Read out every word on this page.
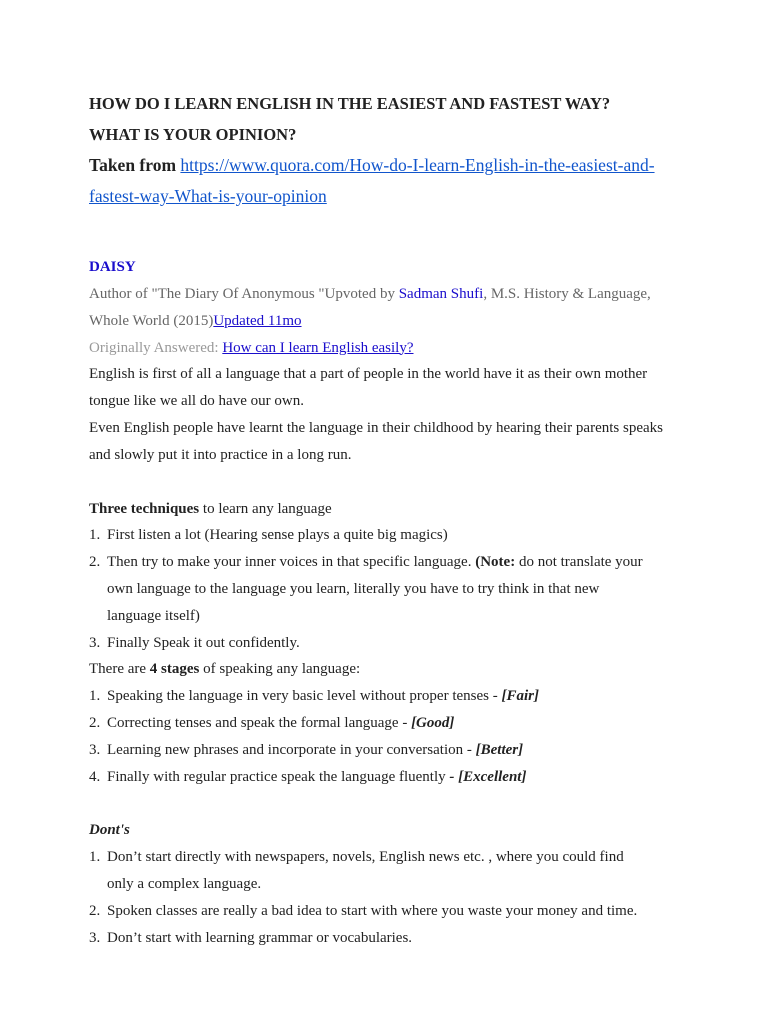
HOW DO I LEARN ENGLISH IN THE EASIEST AND FASTEST WAY?

WHAT IS YOUR OPINION?

Taken from https://www.quora.com/How-do-I-learn-English-in-the-easiest-and-
fastest-way-What-is-your-opinion

DAISY

Author of "The Diary Of Anonymous "Upvoted by Sadman Shufi, M.S. History & Language,
Whole World (2015)Updated 11mo

Originally Answered: How can I learn English easily?

English is first of all a language that a part of people in the world have it as their own mother
tongue like we all do have our own.

Even English people have learnt the language in their childhood by hearing their parents speaks
and slowly put it into practice in a long run.

Three techniques to learn any language

1. First listen a lot (Hearing sense plays a quite big magics)
2. Then try to make your inner voices in that specific language. (Note: do not translate your
own language to the language you learn, literally you have to try think in that new
language itself)
3. Finally Speak it out confidently.

There are 4 stages of speaking any language:

1. Speaking the language in very basic level without proper tenses - [Fair]
2. Correcting tenses and speak the formal language - [Good]
3. Learning new phrases and incorporate in your conversation - [Better]
4. Finally with regular practice speak the language fluently - [Excellent]

Dont's

1. Don’t start directly with newspapers, novels, English news etc. , where you could find
only a complex language.
2. Spoken classes are really a bad idea to start with where you waste your money and time.
3. Don’t start with learning grammar or vocabularies.
